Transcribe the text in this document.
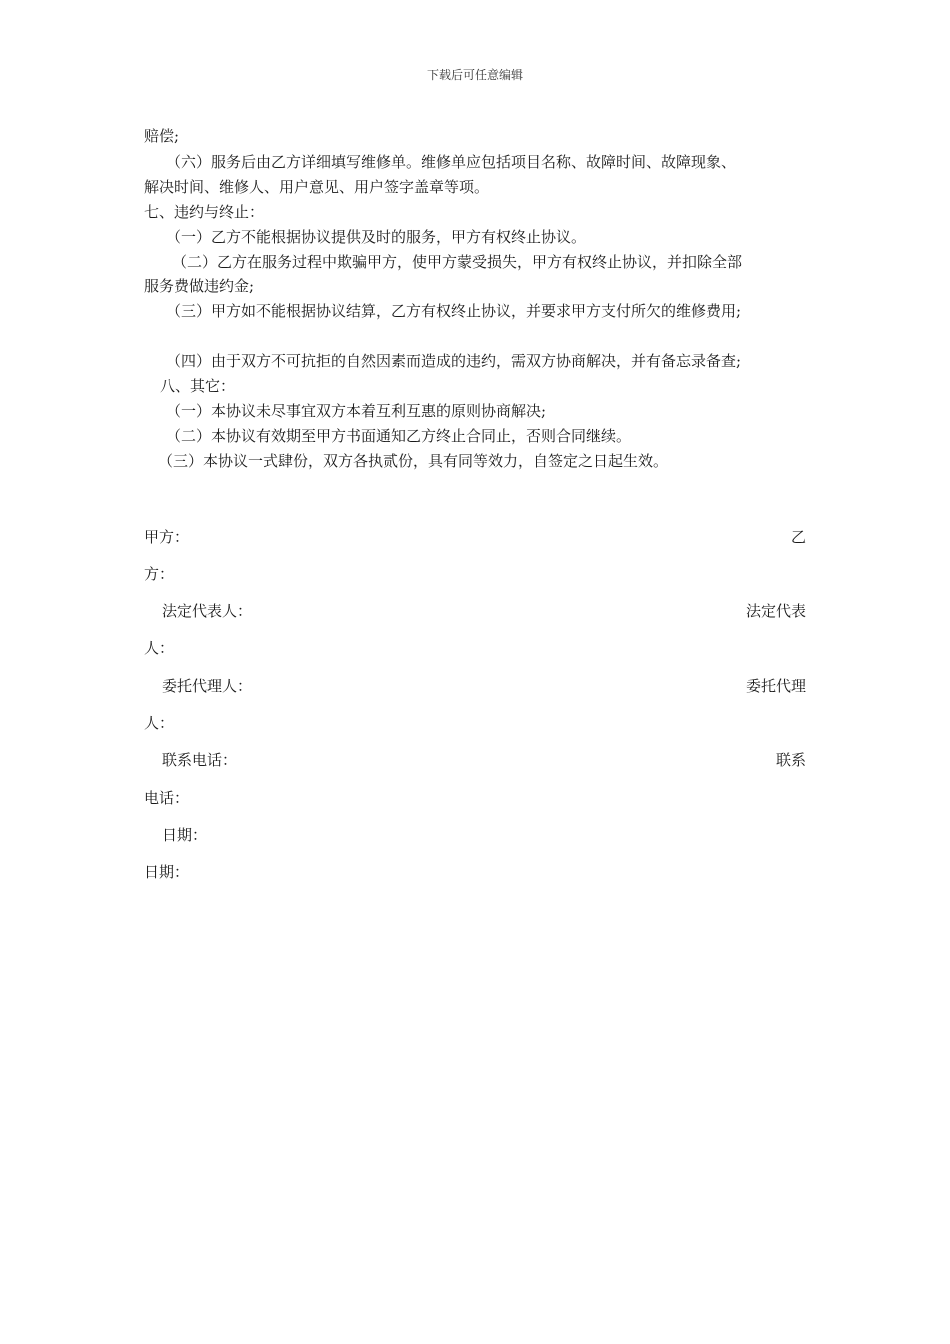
下载后可任意编辑
赔偿;
（六）服务后由乙方详细填写维修单。维修单应包括项目名称、故障时间、故障现象、
解决时间、维修人、用户意见、用户签字盖章等项。
七、违约与终止：
（一）乙方不能根据协议提供及时的服务，甲方有权终止协议。
（二）乙方在服务过程中欺骗甲方，使甲方蒙受损失，甲方有权终止协议，并扣除全部
服务费做违约金;
（三）甲方如不能根据协议结算，乙方有权终止协议，并要求甲方支付所欠的维修费用;
（四）由于双方不可抗拒的自然因素而造成的违约，需双方协商解决，并有备忘录备查;
八、其它：
（一）本协议未尽事宜双方本着互利互惠的原则协商解决;
（二）本协议有效期至甲方书面通知乙方终止合同止，否则合同继续。
（三）本协议一式肆份，双方各执贰份，具有同等效力，自签定之日起生效。
甲方：	乙
方：
法定代表人：	法定代表
人：
委托代理人：	委托代理
人：
联系电话：	联系
电话：
日期：
日期：
